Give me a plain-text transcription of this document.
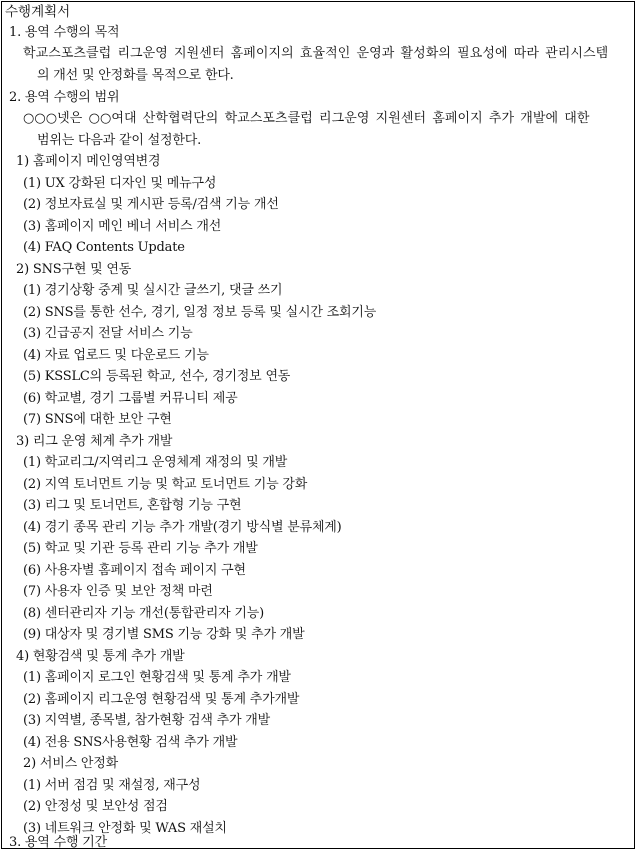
수행계획서
1. 용역 수행의 목적
학교스포츠클럽 리그운영 지원센터 홈페이지의 효율적인 운영과 활성화의 필요성에 따라 관리시스템
의 개선 및 안정화를 목적으로 한다.
2. 용역 수행의 범위
○○○넷은 ○○여대 산학협력단의 학교스포츠클럽 리그운영 지원센터 홈페이지 추가 개발에 대한
범위는 다음과 같이 설정한다.
1) 홈페이지 메인영역변경
(1) UX 강화된 디자인 및 메뉴구성
(2) 정보자료실 및 게시판 등록/검색 기능 개선
(3) 홈페이지 메인 베너 서비스 개선
(4) FAQ Contents Update
2) SNS구현 및 연동
(1) 경기상황 중계 및 실시간 글쓰기, 댓글 쓰기
(2) SNS를 통한 선수, 경기, 일정 정보 등록 및 실시간 조회기능
(3) 긴급공지 전달 서비스 기능
(4) 자료 업로드 및 다운로드 기능
(5) KSSLC의 등록된 학교, 선수, 경기정보 연동
(6) 학교별, 경기 그룹별 커뮤니티 제공
(7) SNS에 대한 보안 구현
3) 리그 운영 체계 추가 개발
(1) 학교리그/지역리그 운영체계 재정의 및 개발
(2) 지역 토너먼트 기능 및 학교 토너먼트 기능 강화
(3) 리그 및 토너먼트, 혼합형 기능 구현
(4) 경기 종목 관리 기능 추가 개발(경기 방식별 분류체계)
(5) 학교 및 기관 등록 관리 기능 추가 개발
(6) 사용자별 홈페이지 접속 페이지 구현
(7) 사용자 인증 및 보안 정책 마련
(8) 센터관리자 기능 개선(통합관리자 기능)
(9) 대상자 및 경기별 SMS 기능 강화 및 추가 개발
4) 현황검색 및 통계 추가 개발
(1) 홈페이지 로그인 현황검색 및 통계 추가 개발
(2) 홈페이지 리그운영 현황검색 및 통계 추가개발
(3) 지역별, 종목별, 참가현황 검색 추가 개발
(4) 전용 SNS사용현황 검색 추가 개발
2) 서비스 안정화
(1) 서버 점검 및 재설정, 재구성
(2) 안정성 및 보안성 점검
(3) 네트워크 안정화 및 WAS 재설치
3. 용역 수행 기간
